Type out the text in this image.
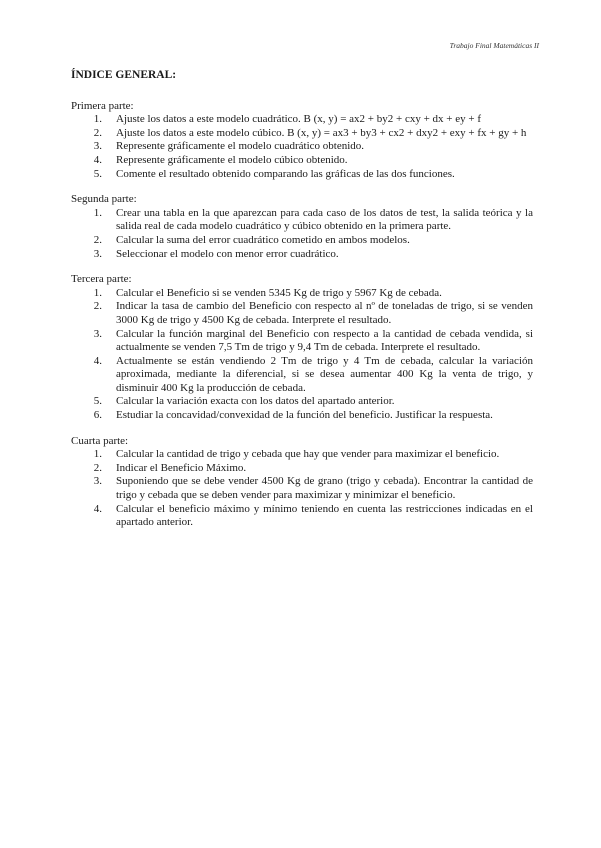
Trabajo Final Matemáticas II
ÍNDICE GENERAL:
Primera parte:
1.	Ajuste los datos a este modelo cuadrático. B (x, y) = ax2 + by2 + cxy + dx + ey + f
2.	Ajuste los datos a este modelo cúbico. B (x, y) = ax3 + by3 + cx2 + dxy2 + exy + fx + gy + h
3.	Represente gráficamente el modelo cuadrático obtenido.
4.	Represente gráficamente el modelo cúbico obtenido.
5.	Comente el resultado obtenido comparando las gráficas de las dos funciones.
Segunda parte:
1.	Crear una tabla en la que aparezcan para cada caso de los datos de test, la salida teórica y la salida real de cada modelo cuadrático y cúbico obtenido en la primera parte.
2.	Calcular la suma del error cuadrático cometido en ambos modelos.
3.	Seleccionar el modelo con menor error cuadrático.
Tercera parte:
1.	Calcular el Beneficio si se venden 5345 Kg de trigo y 5967 Kg de cebada.
2.	Indicar la tasa de cambio del Beneficio con respecto al nº de toneladas de trigo, si se venden 3000 Kg de trigo y 4500 Kg de cebada. Interprete el resultado.
3.	Calcular la función marginal del Beneficio con respecto a la cantidad de cebada vendida, si actualmente se venden 7,5 Tm de trigo y 9,4 Tm de cebada. Interprete el resultado.
4.	Actualmente se están vendiendo 2 Tm de trigo y 4 Tm de cebada, calcular la variación aproximada, mediante la diferencial, si se desea aumentar 400 Kg la venta de trigo, y disminuir 400 Kg la producción de cebada.
5.	Calcular la variación exacta con los datos del apartado anterior.
6.	Estudiar la concavidad/convexidad de la función del beneficio. Justificar la respuesta.
Cuarta parte:
1.	Calcular la cantidad de trigo y cebada que hay que vender para maximizar el beneficio.
2.	Indicar el Beneficio Máximo.
3.	Suponiendo que se debe vender 4500 Kg de grano (trigo y cebada). Encontrar la cantidad de trigo y cebada que se deben vender para maximizar y minimizar el beneficio.
4.	Calcular el beneficio máximo y mínimo teniendo en cuenta las restricciones indicadas en el apartado anterior.
